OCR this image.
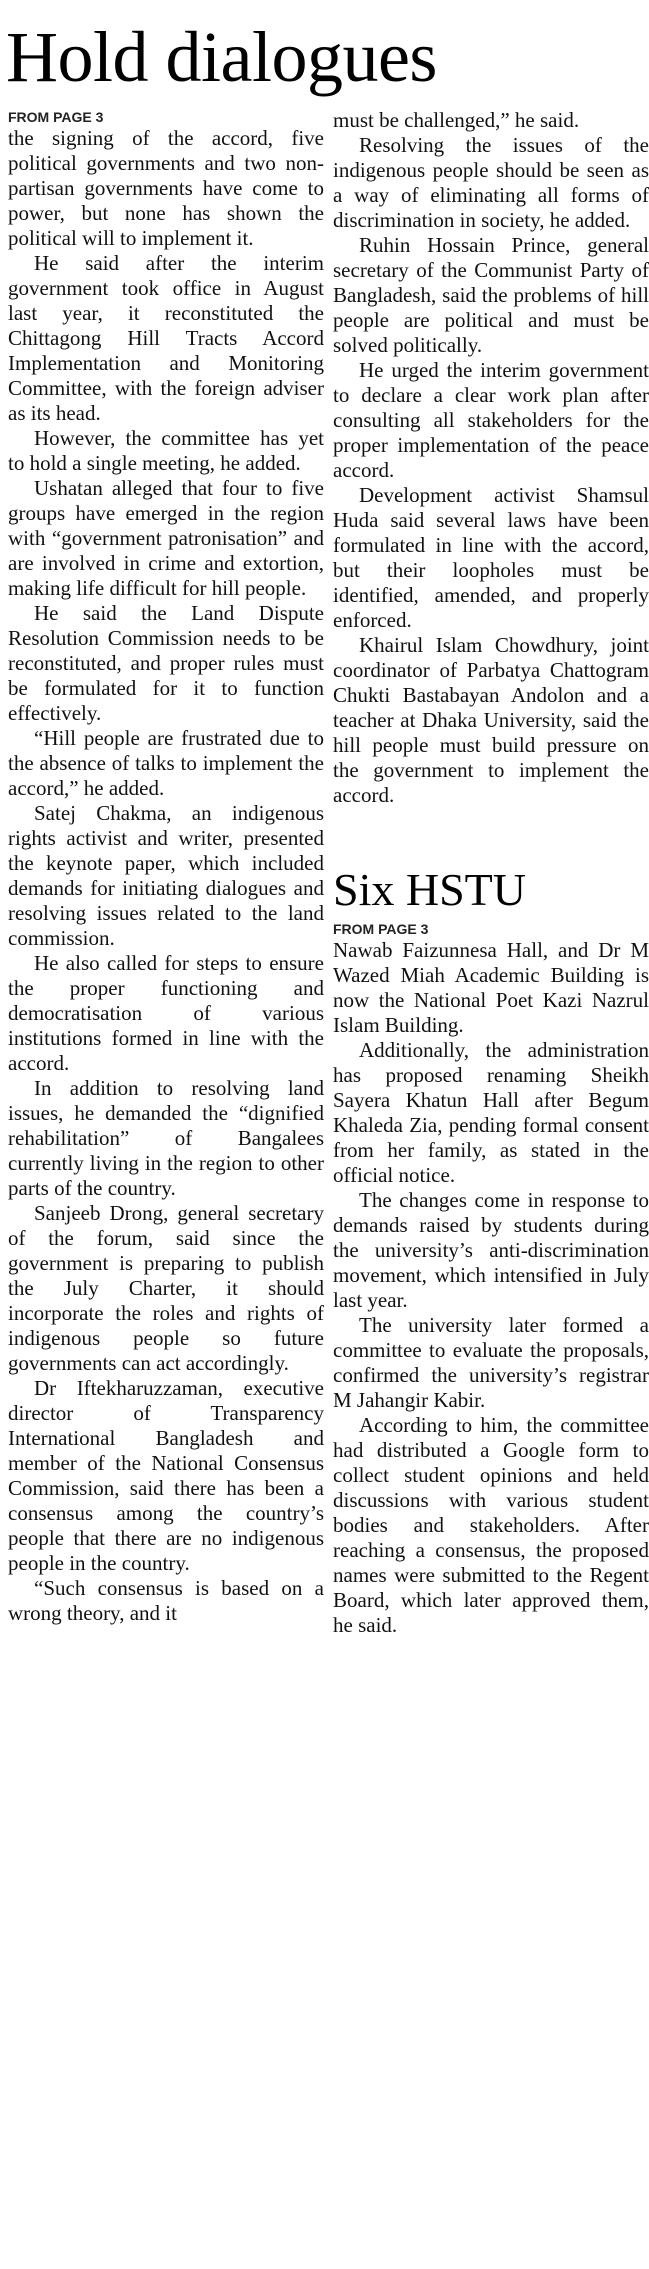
Hold dialogues
FROM PAGE 3

the signing of the accord, five political governments and two non-partisan governments have come to power, but none has shown the political will to implement it.

He said after the interim government took office in August last year, it reconstituted the Chittagong Hill Tracts Accord Implementation and Monitoring Committee, with the foreign adviser as its head.

However, the committee has yet to hold a single meeting, he added.

Ushatan alleged that four to five groups have emerged in the region with “government patronisation” and are involved in crime and extortion, making life difficult for hill people.

He said the Land Dispute Resolution Commission needs to be reconstituted, and proper rules must be formulated for it to function effectively.

“Hill people are frustrated due to the absence of talks to implement the accord,” he added.

Satej Chakma, an indigenous rights activist and writer, presented the keynote paper, which included demands for initiating dialogues and resolving issues related to the land commission.

He also called for steps to ensure the proper functioning and democratisation of various institutions formed in line with the accord.

In addition to resolving land issues, he demanded the “dignified rehabilitation” of Bangalees currently living in the region to other parts of the country.

Sanjeeb Drong, general secretary of the forum, said since the government is preparing to publish the July Charter, it should incorporate the roles and rights of indigenous people so future governments can act accordingly.

Dr Iftekharuzzaman, executive director of Transparency International Bangladesh and member of the National Consensus Commission, said there has been a consensus among the country’s people that there are no indigenous people in the country.

“Such consensus is based on a wrong theory, and it

must be challenged,” he said.

Resolving the issues of the indigenous people should be seen as a way of eliminating all forms of discrimination in society, he added.

Ruhin Hossain Prince, general secretary of the Communist Party of Bangladesh, said the problems of hill people are political and must be solved politically.

He urged the interim government to declare a clear work plan after consulting all stakeholders for the proper implementation of the peace accord.

Development activist Shamsul Huda said several laws have been formulated in line with the accord, but their loopholes must be identified, amended, and properly enforced.

Khairul Islam Chowdhury, joint coordinator of Parbatya Chattogram Chukti Bastabayan Andolon and a teacher at Dhaka University, said the hill people must build pressure on the government to implement the accord.

Six HSTU
FROM PAGE 3

Nawab Faizunnesa Hall, and Dr M Wazed Miah Academic Building is now the National Poet Kazi Nazrul Islam Building.

Additionally, the administration has proposed renaming Sheikh Sayera Khatun Hall after Begum Khaleda Zia, pending formal consent from her family, as stated in the official notice.

The changes come in response to demands raised by students during the university’s anti-discrimination movement, which intensified in July last year.

The university later formed a committee to evaluate the proposals, confirmed the university’s registrar M Jahangir Kabir.

According to him, the committee had distributed a Google form to collect student opinions and held discussions with various student bodies and stakeholders. After reaching a consensus, the proposed names were submitted to the Regent Board, which later approved them, he said.
